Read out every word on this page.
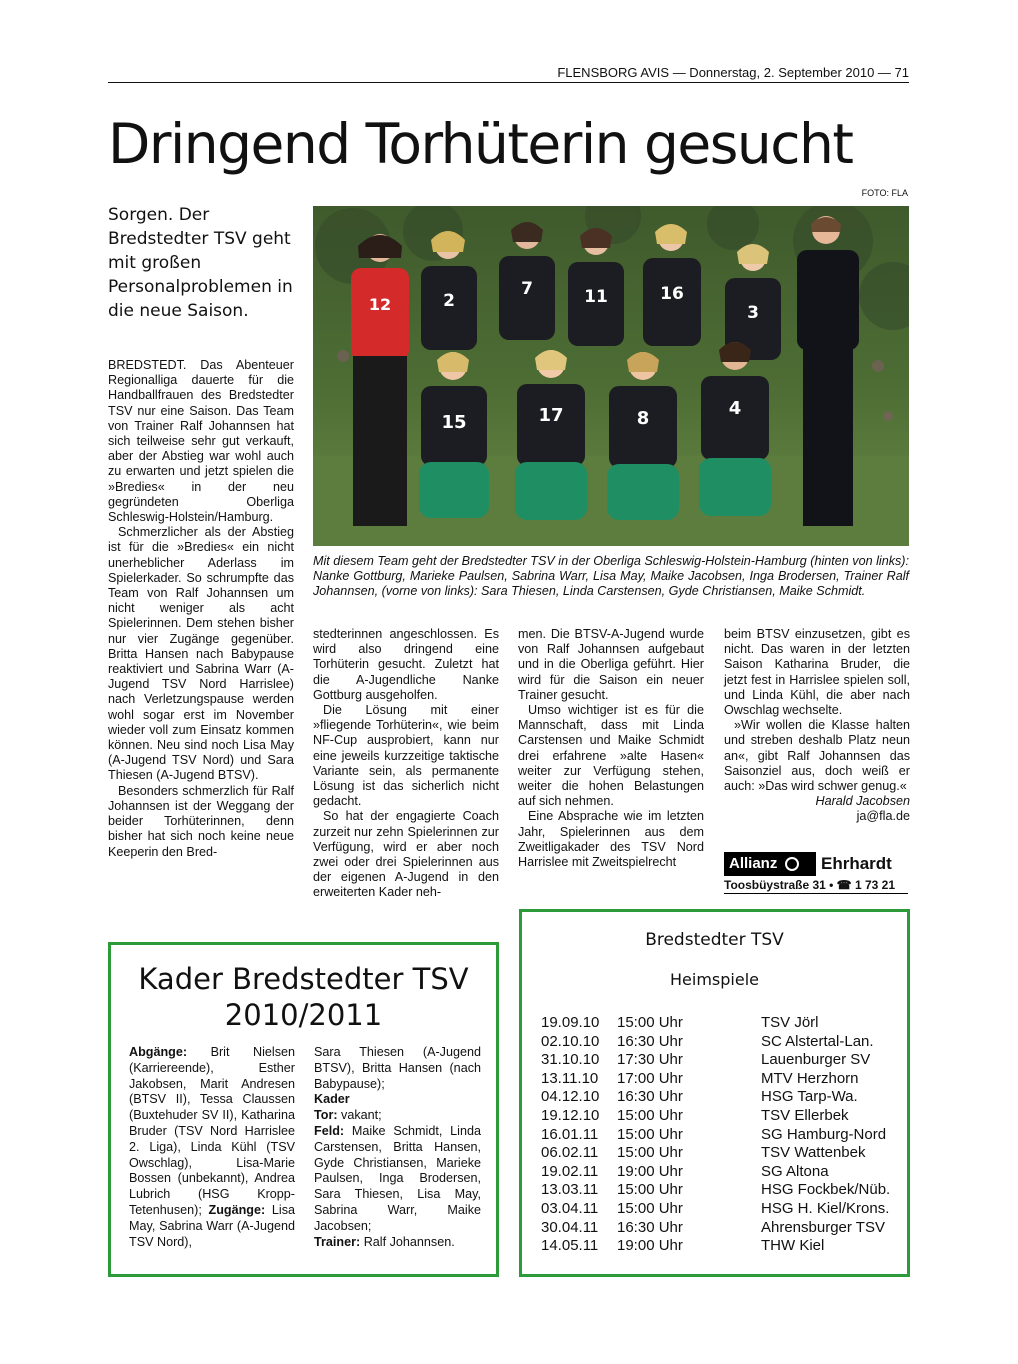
FLENSBORG AVIS — Donnerstag, 2. September 2010 — 71
Dringend Torhüterin gesucht
FOTO: FLA
Sorgen. Der Bredstedter TSV geht mit großen Personalproblemen in die neue Saison.	12	2
7	11	16
3
15	17	8	4
Mit diesem Team geht der Bredstedter TSV in der Oberliga Schleswig-Holstein-Hamburg (hinten von links): Nanke Gottburg, Marieke Paulsen, Sabrina Warr, Lisa May, Maike Jacobsen, Inga Brodersen, Trainer Ralf Johannsen, (vorne von links): Sara Thiesen, Linda Carstensen, Gyde Christiansen, Maike Schmidt.

BREDSTEDT. Das Abenteuer Regionalliga dauerte für die Handballfrauen des Bredstedter TSV nur eine Saison. Das Team von Trainer Ralf Johannsen hat sich teilweise sehr gut verkauft, aber der Abstieg war wohl auch zu erwarten und jetzt spielen die »Bredies« in der neu gegründeten Oberliga Schleswig-Holstein/Hamburg.

Schmerzlicher als der Abstieg ist für die »Bredies« ein nicht unerheblicher Aderlass im Spielerkader. So schrumpfte das Team von Ralf Johannsen um nicht weniger als acht Spielerinnen. Dem stehen bisher nur vier Zugänge gegenüber. Britta Hansen nach Babypause reaktiviert und Sabrina Warr (A-Jugend TSV Nord Harrislee) nach Verletzungspause werden wohl sogar erst im November wieder voll zum Einsatz kommen können. Neu sind noch Lisa May (A-Jugend TSV Nord) und Sara Thiesen (A-Jugend BTSV).

Besonders schmerzlich für Ralf Johannsen ist der Weggang der beider Torhüterinnen, denn bisher hat sich noch keine neue Keeperin den Bred-

stedterinnen angeschlossen. Es wird also dringend eine Torhüterin gesucht. Zuletzt hat die A-Jugendliche Nanke Gottburg ausgeholfen.

Die Lösung mit einer »fliegende Torhüterin«, wie beim NF-Cup ausprobiert, kann nur eine jeweils kurzzeitige taktische Variante sein, als permanente Lösung ist das sicherlich nicht gedacht.

So hat der engagierte Coach zurzeit nur zehn Spielerinnen zur Verfügung, wird er aber noch zwei oder drei Spielerinnen aus der eigenen A-Jugend in den erweiterten Kader neh-

men. Die BTSV-A-Jugend wurde von Ralf Johannsen aufgebaut und in die Oberliga geführt. Hier wird für die Saison ein neuer Trainer gesucht.

Umso wichtiger ist es für die Mannschaft, dass mit Linda Carstensen und Maike Schmidt drei erfahrene »alte Hasen« weiter zur Verfügung stehen, weiter die hohen Belastungen auf sich nehmen.

Eine Absprache wie im letzten Jahr, Spielerinnen aus dem Zweitligakader des TSV Nord Harrislee mit Zweitspielrecht

beim BTSV einzusetzen, gibt es nicht. Das waren in der letzten Saison Katharina Bruder, die jetzt fest in Harrislee spielen soll, und Linda Kühl, die aber nach Owschlag wechselte.

»Wir wollen die Klasse halten und streben deshalb Platz neun an«, gibt Ralf Johannsen das Saisonziel aus, doch weiß er auch: »Das wird schwer genug.«

Harald Jacobsen

ja@fla.de
Allianz	Ehrhardt
Toosbüystraße 31 • ☎ 1 73 21
Kader Bredstedter TSV
2010/2011
Abgänge: Brit Nielsen (Karriereende), Esther Jakobsen, Marit Andresen (BTSV II), Tessa Claussen (Buxtehuder SV II), Katharina Bruder (TSV Nord Harrislee 2. Liga), Linda Kühl (TSV Owschlag), Lisa-Marie Bossen (unbekannt), Andrea Lubrich (HSG Kropp-Tetenhusen); Zugänge: Lisa May, Sabrina Warr (A-Jugend TSV Nord),
Sara Thiesen (A-Jugend BTSV), Britta Hansen (nach Babypause);
Kader
Tor: vakant;
Feld: Maike Schmidt, Linda Carstensen, Britta Hansen, Gyde Christiansen, Marieke Paulsen, Inga Brodersen, Sara Thiesen, Lisa May, Sabrina Warr, Maike Jacobsen;
Trainer: Ralf Johannsen.
Bredstedter TSV
Heimspiele
19.09.10	15:00 Uhr	TSV Jörl
02.10.10	16:30 Uhr	SC Alstertal-Lan.
31.10.10	17:30 Uhr	Lauenburger SV
13.11.10	17:00 Uhr	MTV Herzhorn
04.12.10	16:30 Uhr	HSG Tarp-Wa.
19.12.10	15:00 Uhr	TSV Ellerbek
16.01.11	15:00 Uhr	SG Hamburg-Nord
06.02.11	15:00 Uhr	TSV Wattenbek
19.02.11	19:00 Uhr	SG Altona
13.03.11	15:00 Uhr	HSG Fockbek/Nüb.
03.04.11	15:00 Uhr	HSG H. Kiel/Krons.
30.04.11	16:30 Uhr	Ahrensburger TSV
14.05.11	19:00 Uhr	THW Kiel
